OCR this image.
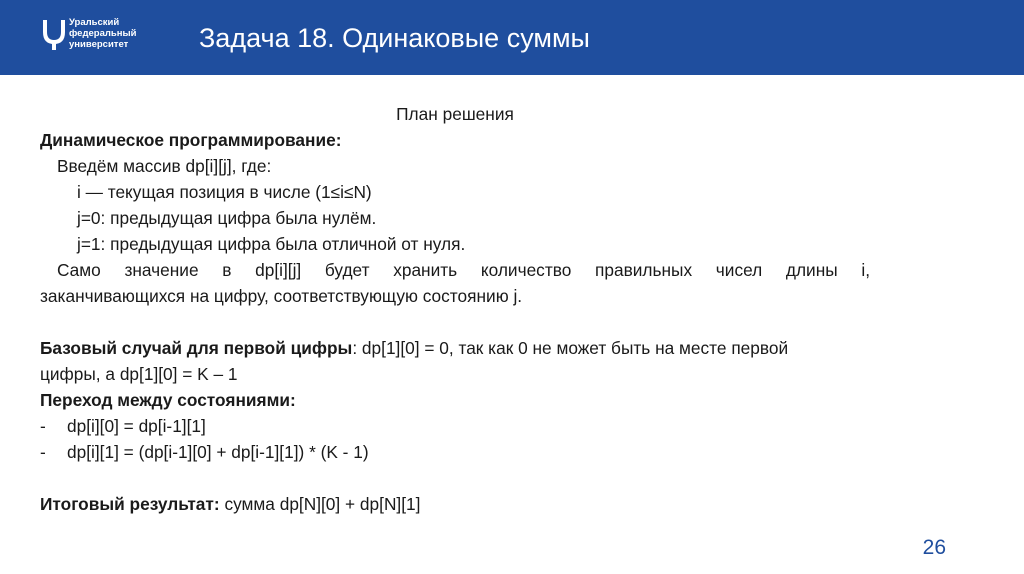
Уральский
федеральный
университет	Задача 18. Одинаковые суммы
План решения
Динамическое программирование:
Введём массив dp[i][j], где:
i — текущая позиция в числе (1≤i≤N)
j=0: предыдущая цифра была нулём.
j=1: предыдущая цифра была отличной от нуля.
Само значение в dp[i][j] будет хранить количество правильных чисел длины i,
заканчивающихся на цифру, соответствующую состоянию j.
Базовый случай для первой цифры: dp[1][0] = 0, так как 0 не может быть на месте первой
цифры, а dp[1][0] = K – 1
Переход между состояниями:
- dp[i][0] = dp[i-1][1]
- dp[i][1] = (dp[i-1][0] + dp[i-1][1]) * (K - 1)
Итоговый результат: сумма dp[N][0] + dp[N][1]
26
